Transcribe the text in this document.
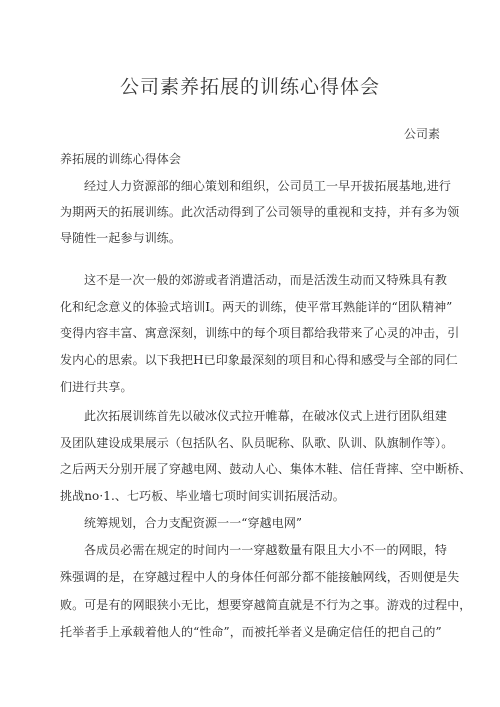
公司素养拓展的训练心得体会
公司素
养拓展的训练心得体会
经过人力资源部的细心策划和组织，公司员工一早开拔拓展基地,进行
为期两天的拓展训练。此次活动得到了公司领导的重视和支持，并有多为领
导随性一起参与训练。
这不是一次一般的郊游或者消遣活动，而是活泼生动而又特殊具有教
化和纪念意义的体验式培训I。两天的训练，使平常耳熟能详的“团队精神”
变得内容丰富、寓意深刻，训练中的每个项目都给我带来了心灵的冲击，引
发内心的思索。以下我把H已印象最深刻的项目和心得和感受与全部的同仁
们进行共享。
此次拓展训练首先以破冰仪式拉开帷幕，在破冰仪式上进行团队组建
及团队建设成果展示（包括队名、队员昵称、队歌、队训、队旗制作等）。
之后两天分别开展了穿越电网、鼓动人心、集体木鞋、信任背摔、空中断桥、
挑战no·1.、七巧板、毕业墙七项时间实训拓展活动。
统筹规划，合力支配资源一一“穿越电网”
各成员必需在规定的时间内一一穿越数量有限且大小不一的网眼，特
殊强调的是，在穿越过程中人的身体任何部分都不能接触网线，否则便是失
败。可是有的网眼狭小无比，想要穿越简直就是不行为之事。游戏的过程中，
托举者手上承载着他人的“性命”，而被托举者义是确定信任的把自己的”
